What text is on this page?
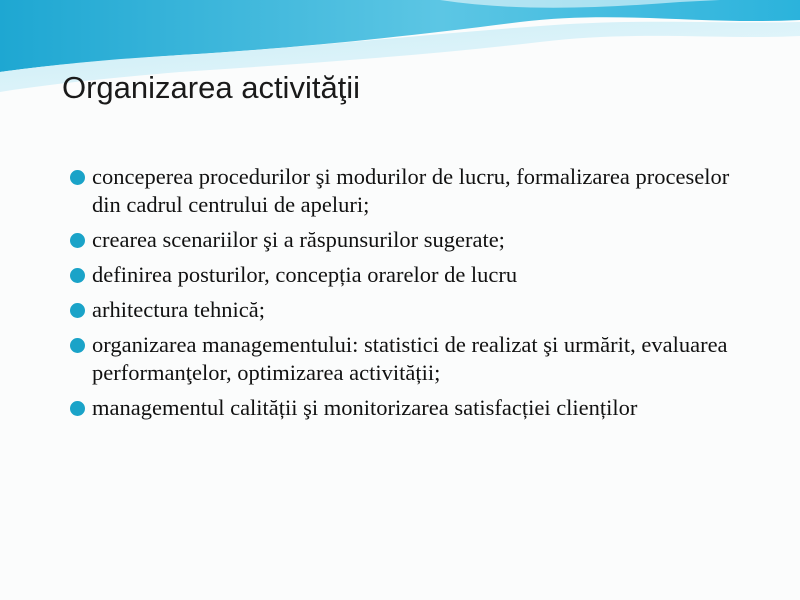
Organizarea activităţii
conceperea procedurilor şi modurilor de lucru, formalizarea proceselor din cadrul centrului de apeluri;
crearea scenariilor şi a răspunsurilor sugerate;
definirea posturilor, concepția orarelor de lucru
arhitectura tehnică;
organizarea managementului: statistici de realizat şi urmărit, evaluarea performanţelor, optimizarea activității;
managementul calității şi monitorizarea satisfacției clienților
